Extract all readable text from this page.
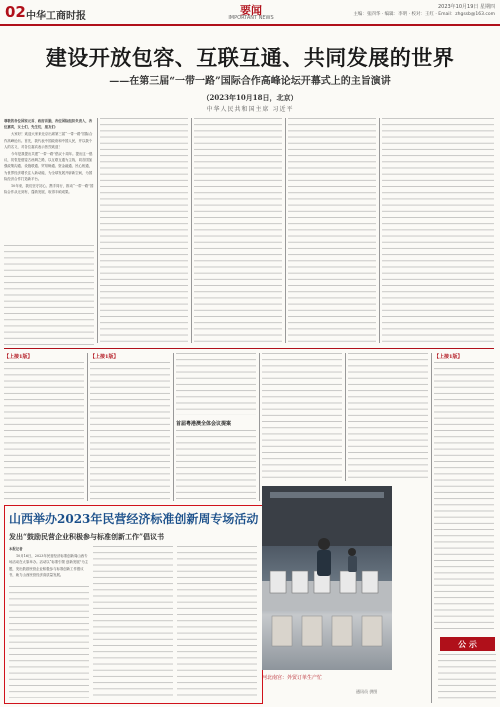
02 中华工商时报	要闻
IMPORTANT NEWS
2023年10月19日 星期四
主编：张四华 · 编辑：李明 · 校对：王红 · Email：zhgssb@163.com
建设开放包容、互联互通、共同发展的世界
——在第三届“一带一路”国际合作高峰论坛开幕式上的主旨演讲
（2023年10月18日，北京）
中华人民共和国主席 习近平

尊敬的各位国家元首、政府首脑，各位国际组织负责人，各位嘉宾，女士们，先生们，朋友们：

大家好！欢迎大家来北京出席第三届“一带一路”国际合作高峰论坛。首先，我代表中国政府和中国人民，并以我个人的名义，对各位嘉宾表示热烈欢迎！

今年是我提出共建“一带一路”倡议十周年。提出这一倡议，初衷是借鉴古丝绸之路，以互联互通为主线，同各国加强政策沟通、设施联通、贸易畅通、资金融通、民心相通，为世界经济增长注入新动能，为全球发展开辟新空间，为国际经济合作打造新平台。

10年来，我们坚守初心、携手同行，推动“一带一路”国际合作从无到有，蓬勃发展，取得丰硕成果。

【上接1版】	【上接1版】
首届粤港澳全体会议提案
【上接1版】
山西举办2023年民营经济标准创新周专场活动
发出“鼓励民营企业积极参与标准创新工作”倡议书

本报记者

10月16日，2023年民营经济标准创新周山西专场活动在太原举办。活动以“标准引领 创新发展”为主题，发出鼓励民营企业积极参与标准创新工作倡议书，助力山西民营经济高质量发展。

河北南宫：外贸订单生产忙
通讯员 供图
公 示
